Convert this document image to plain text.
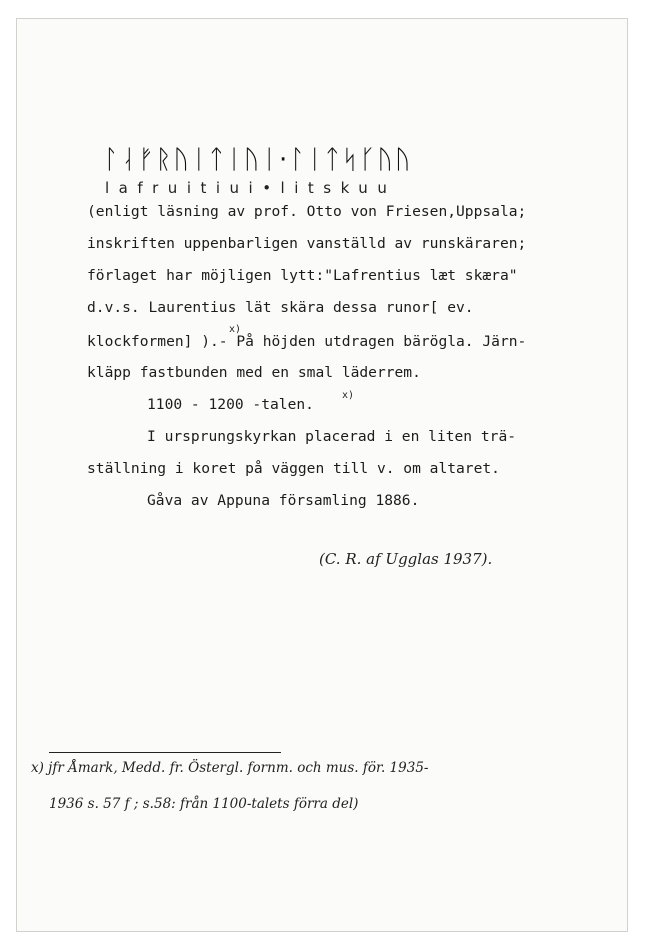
ᛚᛆᚠᚱᚢᛁᛏᛁᚢᛁ·ᛚᛁᛏᛋᚴᚢᚢ
lafruitiui•litskuu
(enligt läsning av prof. Otto von Friesen,Uppsala;
inskriften uppenbarligen vanställd av runskäraren;
förlaget har möjligen lytt:"Lafrentius læt skæra"
d.v.s. Laurentius lät skära dessa runor[ ev.
x)
klockformen] ).- På höjden utdragen bärögla. Järn-
kläpp fastbunden med en smal läderrem.
1100 - 1200 -talen.
x)
I ursprungskyrkan placerad i en liten trä-
ställning i koret på väggen till v. om altaret.
Gåva av Appuna församling 1886.
(C. R. af Ugglas 1937).
x) jfr Åmark, Medd. fr. Östergl. fornm. och mus. för. 1935-
1936 s. 57 f ; s.58: från 1100-talets förra del)
